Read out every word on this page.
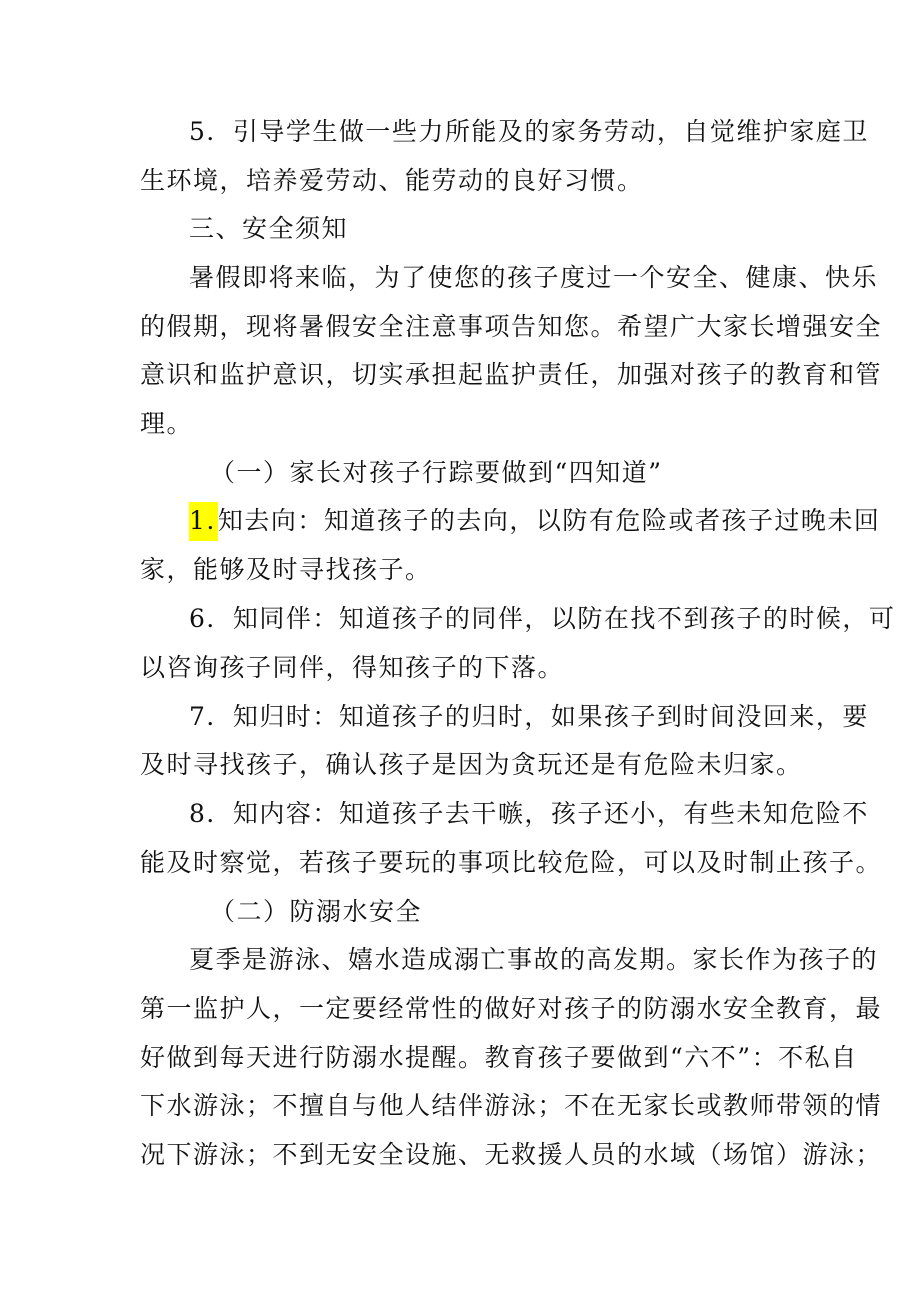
5．引导学生做一些力所能及的家务劳动，自觉维护家庭卫
生环境，培养爱劳动、能劳动的良好习惯。
三、安全须知
暑假即将来临，为了使您的孩子度过一个安全、健康、快乐
的假期，现将暑假安全注意事项告知您。希望广大家长增强安全
意识和监护意识，切实承担起监护责任，加强对孩子的教育和管
理。
（一）家长对孩子行踪要做到“四知道”
1.知去向：知道孩子的去向，以防有危险或者孩子过晚未回
家，能够及时寻找孩子。
6．知同伴：知道孩子的同伴，以防在找不到孩子的时候，可
以咨询孩子同伴，得知孩子的下落。
7．知归时：知道孩子的归时，如果孩子到时间没回来，要
及时寻找孩子，确认孩子是因为贪玩还是有危险未归家。
8．知内容：知道孩子去干嗾，孩子还小，有些未知危险不
能及时察觉，若孩子要玩的事项比较危险，可以及时制止孩子。
（二）防溺水安全
夏季是游泳、嬉水造成溺亡事故的高发期。家长作为孩子的
第一监护人，一定要经常性的做好对孩子的防溺水安全教育，最
好做到每天进行防溺水提醒。教育孩子要做到“六不”：不私自
下水游泳；不擅自与他人结伴游泳；不在无家长或教师带领的情
况下游泳；不到无安全设施、无救援人员的水域（场馆）游泳；
